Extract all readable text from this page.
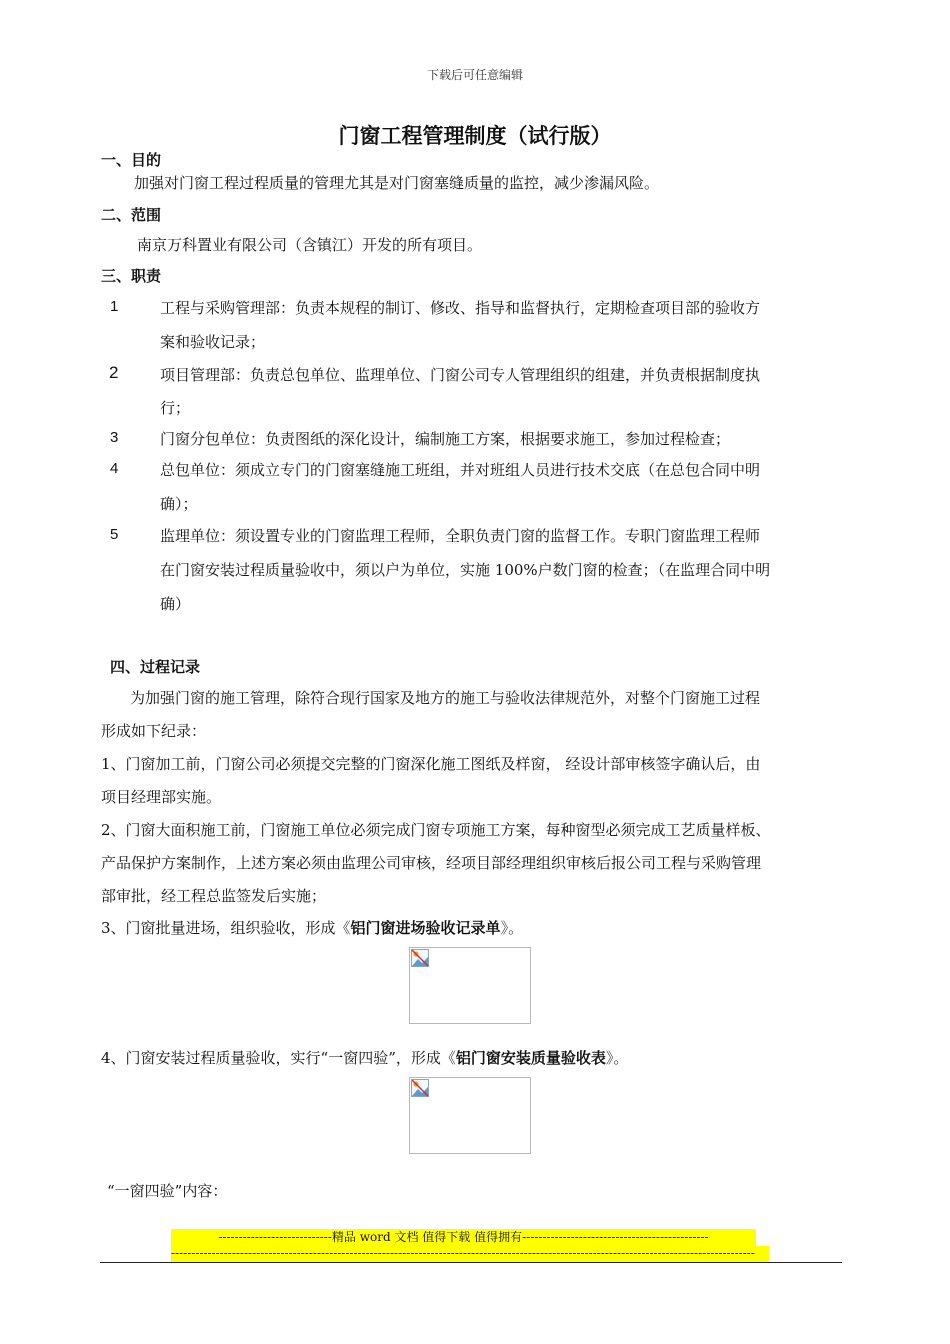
下载后可任意编辑
门窗工程管理制度（试行版）
一、目的
加强对门窗工程过程质量的管理尤其是对门窗塞缝质量的监控，减少渗漏风险。
二、范围
南京万科置业有限公司（含镇江）开发的所有项目。
三、职责
1	工程与采购管理部：负责本规程的制订、修改、指导和监督执行，定期检查项目部的验收方
案和验收记录；
2	项目管理部：负责总包单位、监理单位、门窗公司专人管理组织的组建，并负责根据制度执
行；
3	门窗分包单位：负责图纸的深化设计，编制施工方案，根据要求施工，参加过程检查；
4	总包单位：须成立专门的门窗塞缝施工班组，并对班组人员进行技术交底（在总包合同中明
确）；
5	监理单位：须设置专业的门窗监理工程师，全职负责门窗的监督工作。专职门窗监理工程师
在门窗安装过程质量验收中，须以户为单位，实施 100%户数门窗的检查；（在监理合同中明
确）
四、过程记录
为加强门窗的施工管理，除符合现行国家及地方的施工与验收法律规范外，对整个门窗施工过程
形成如下纪录：
1、门窗加工前，门窗公司必须提交完整的门窗深化施工图纸及样窗， 经设计部审核签字确认后，由
项目经理部实施。
2、门窗大面积施工前，门窗施工单位必须完成门窗专项施工方案，每种窗型必须完成工艺质量样板、
产品保护方案制作，上述方案必须由监理公司审核，经项目部经理组织审核后报公司工程与采购管理
部审批，经工程总监签发后实施；
3、门窗批量进场，组织验收，形成《铝门窗进场验收记录单》。
4、门窗安装过程质量验收，实行“一窗四验”，形成《铝门窗安装质量验收表》。
“一窗四验”内容：
----------------------------精品 word 文档 值得下载 值得拥有----------------------------------------------
------------------------------------------------------------------------------------------------------------------------------------------------
